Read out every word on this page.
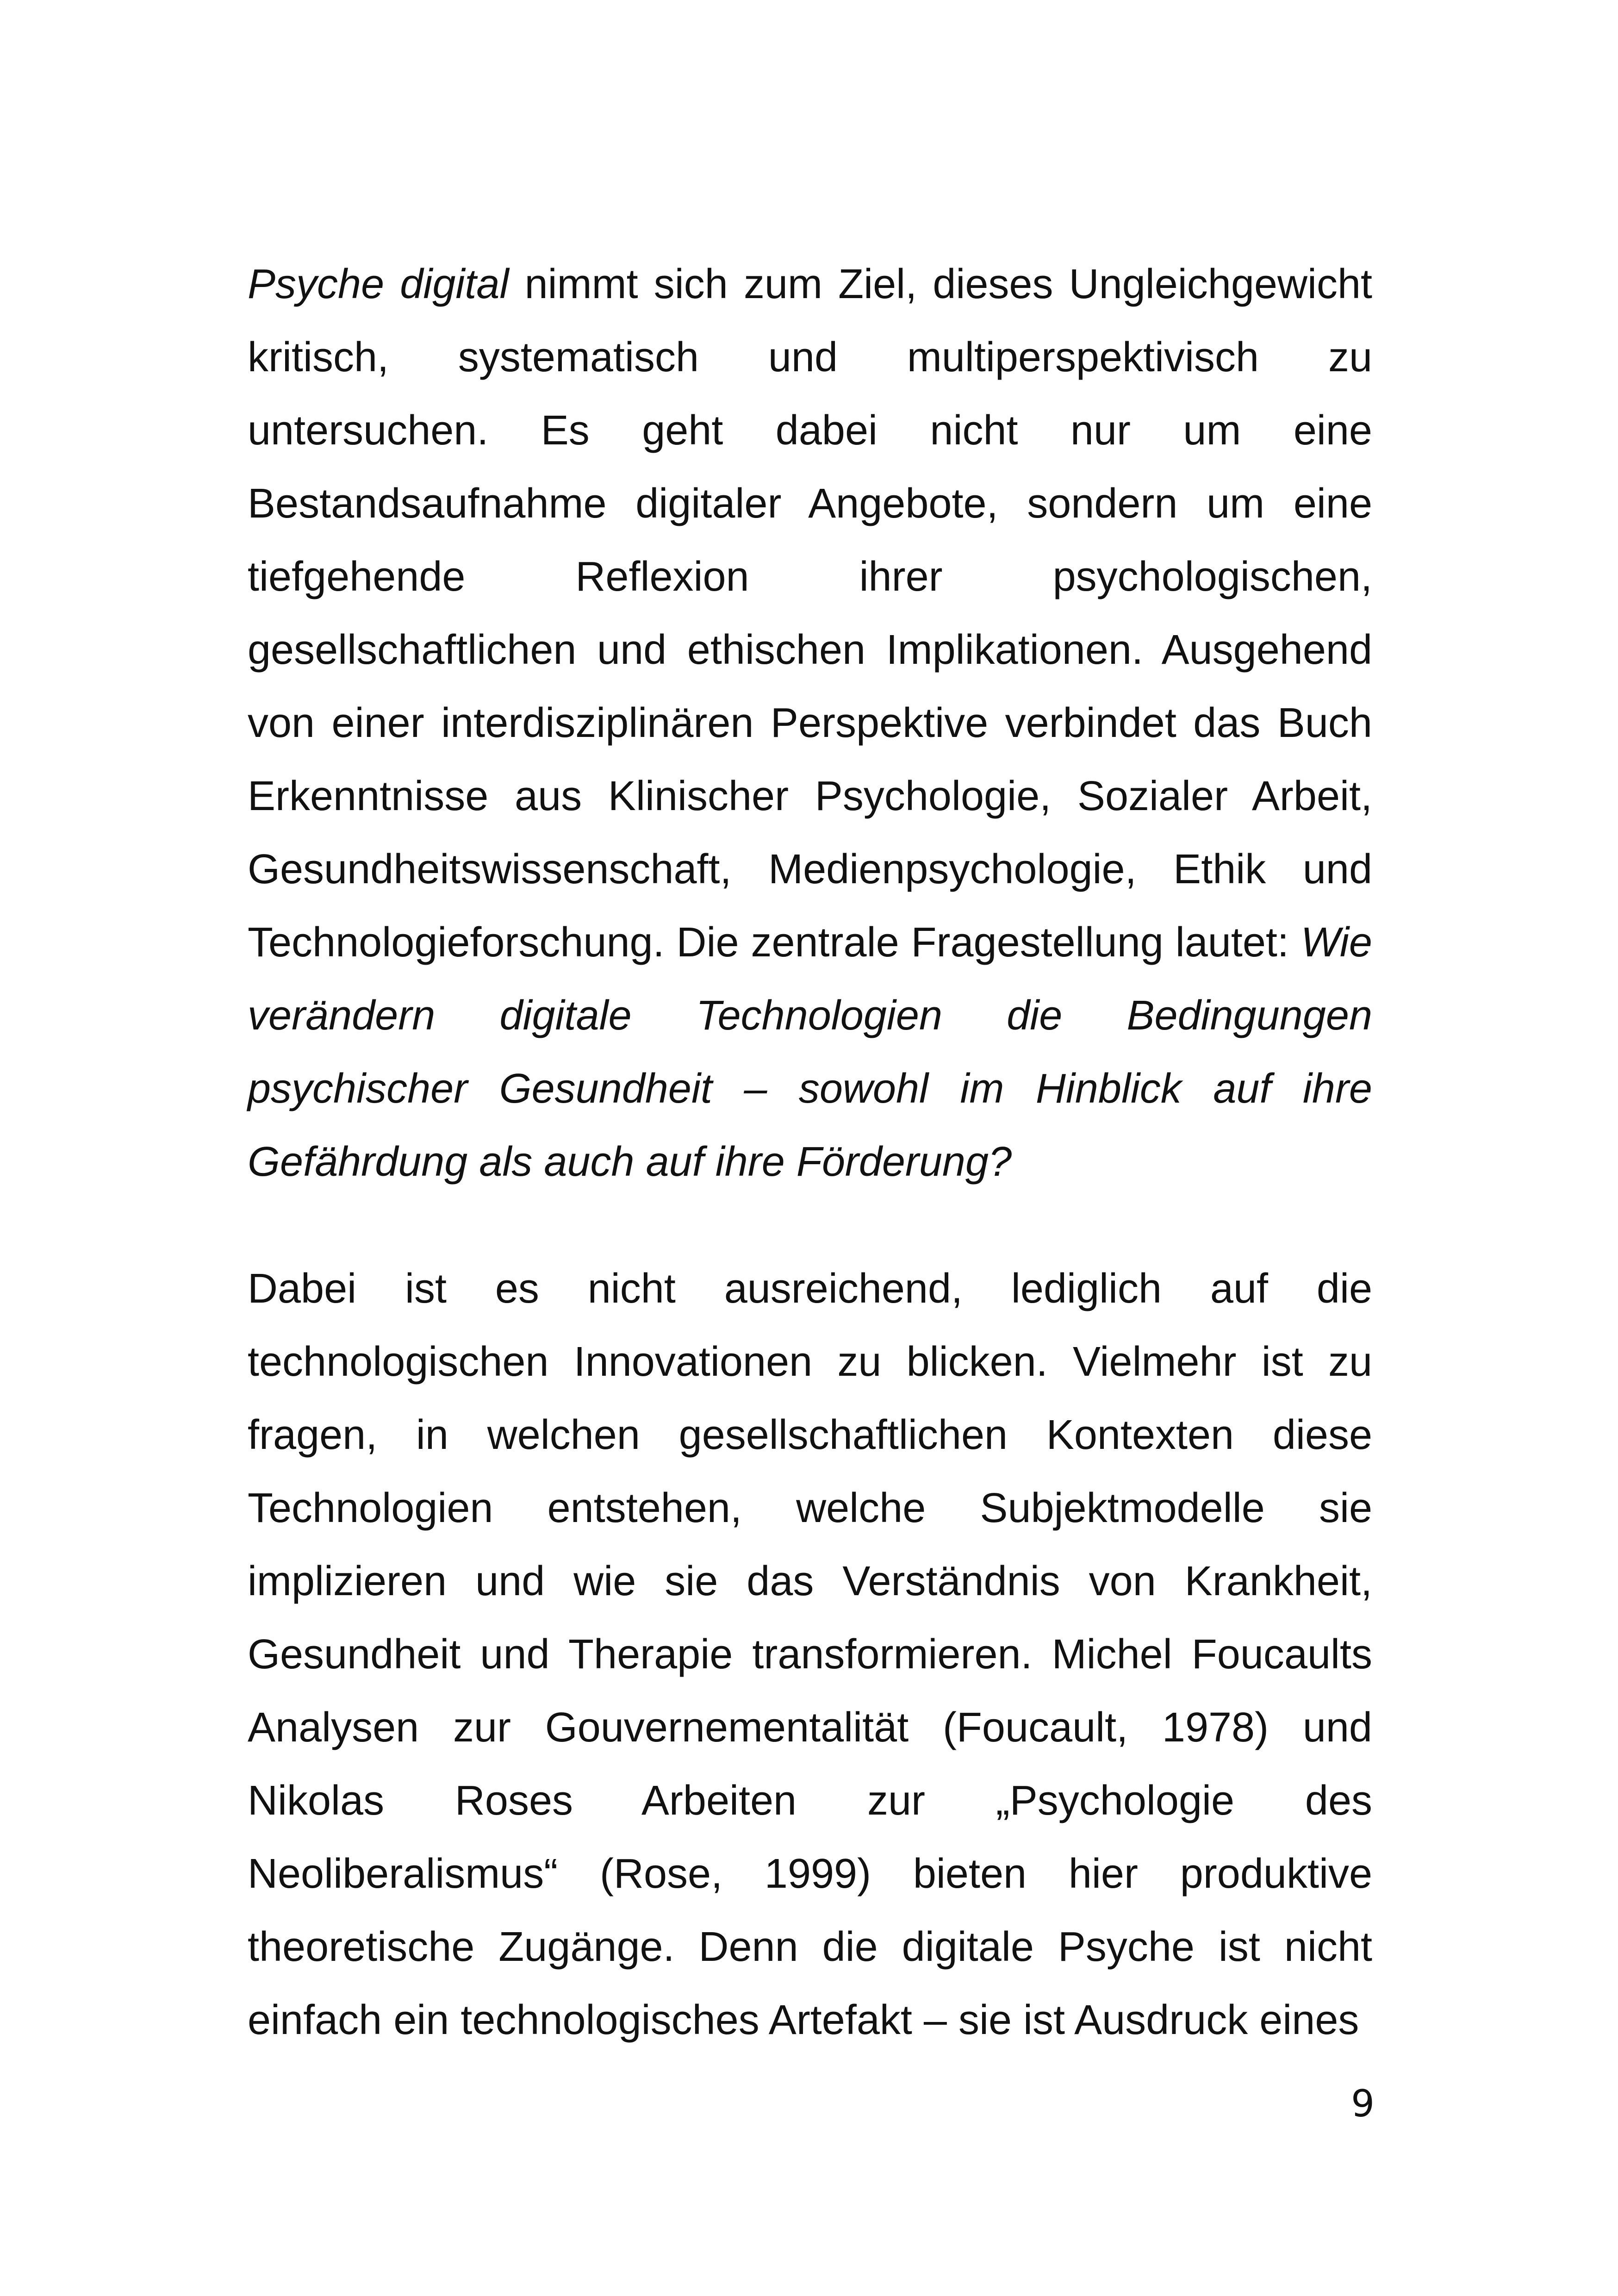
Psyche digital nimmt sich zum Ziel, dieses Ungleichgewicht kritisch, systematisch und multiperspektivisch zu untersuchen. Es geht dabei nicht nur um eine Bestandsaufnahme digitaler Angebote, sondern um eine tiefgehende Reflexion ihrer psychologischen, gesellschaftlichen und ethischen Implikationen. Ausgehend von einer interdisziplinären Perspektive verbindet das Buch Erkenntnisse aus Klinischer Psychologie, Sozialer Arbeit, Gesundheitswissenschaft, Medienpsychologie, Ethik und Technologieforschung. Die zentrale Fragestellung lautet: Wie verändern digitale Technologien die Bedingungen psychischer Gesundheit – sowohl im Hinblick auf ihre Gefährdung als auch auf ihre Förderung?

Dabei ist es nicht ausreichend, lediglich auf die technologischen Innovationen zu blicken. Vielmehr ist zu fragen, in welchen gesellschaftlichen Kontexten diese Technologien entstehen, welche Subjektmodelle sie implizieren und wie sie das Verständnis von Krankheit, Gesundheit und Therapie transformieren. Michel Foucaults Analysen zur Gouvernementalität (Foucault, 1978) und Nikolas Roses Arbeiten zur „Psychologie des Neoliberalismus“ (Rose, 1999) bieten hier produktive theoretische Zugänge. Denn die digitale Psyche ist nicht einfach ein technologisches Artefakt – sie ist Ausdruck eines

9
